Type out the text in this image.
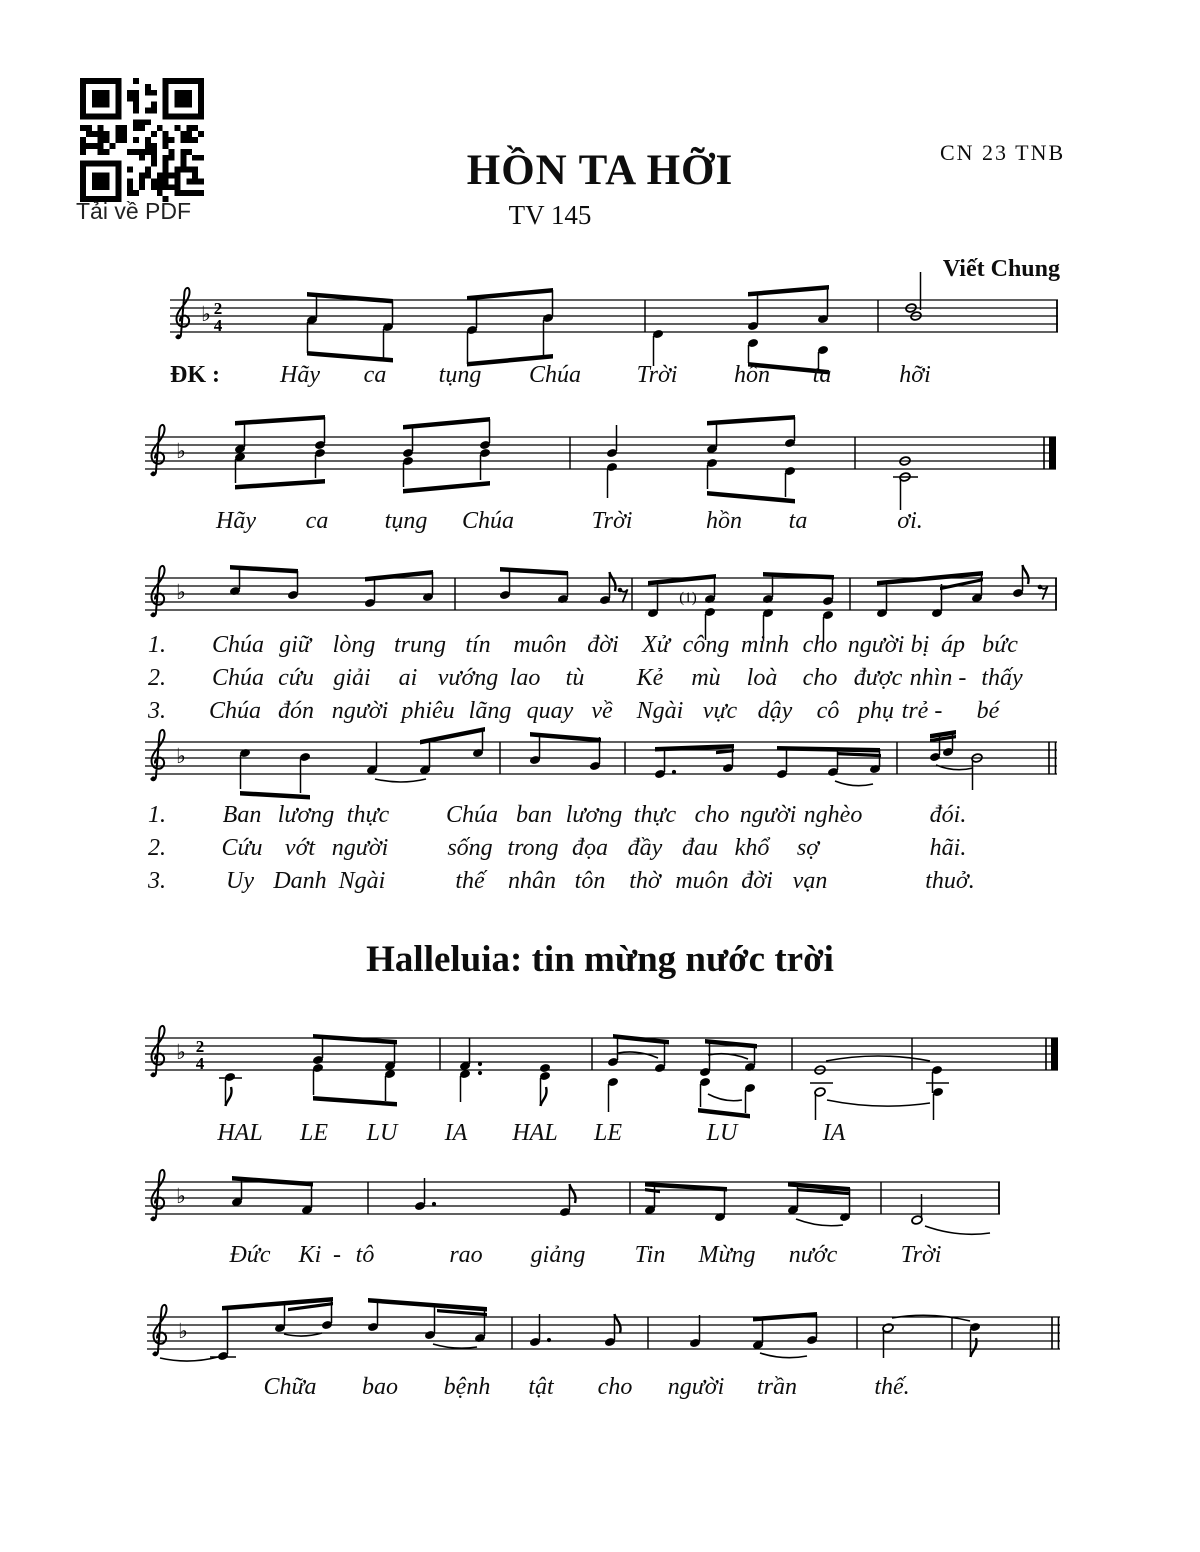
Tải về PDF
CN 23 TNB
HỒN TA HỠI
TV 145
Viết Chung
Halleluia: tin mừng nước trời
♭ 2
4
♭
♭	(1)
♭
♭ 2
4
♭
♭
ĐK :	Hãy ca tụng Chúa Trời hồn ta	hỡi
Hãy ca tụng Chúa	Trời	hồn ta	ơi.
1. Chúa giữ lòng trung tín muôn đời Xử công minh cho người bị áp bức
2. Chúa cứu giải ai vướng lao tù Kẻ mù loà cho được nhìn - thấy
3. Chúa đón người phiêu lãng quay về Ngài vực dậy cô phụ trẻ - bé
1. Ban lương thực Chúa ban lương thực cho người nghèo	đói.
2. Cứu vớt người sống trong đọa đầy đau khổ sợ	hãi.
3.	Uy Danh Ngài	thế nhân tôn thờ muôn đời vạn	thuở.
HAL LE LU IA HAL LE	LU	IA
Đức Ki - tô	rao giảng Tin Mừng nước	Trời
Chữa bao bệnh tật cho người trần	thế.
